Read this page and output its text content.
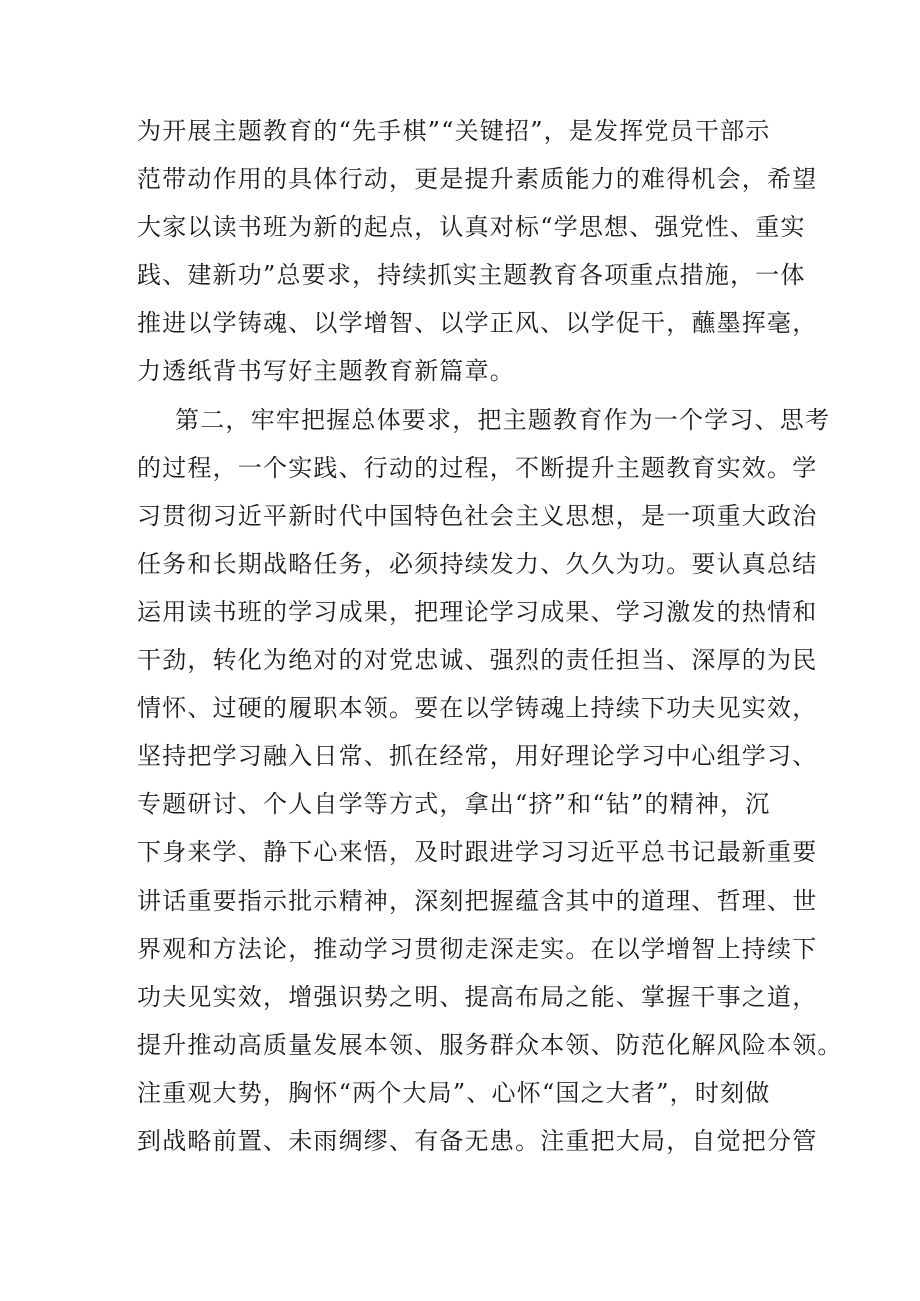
为开展主题教育的“先手棋”“关键招”，是发挥党员干部示
范带动作用的具体行动，更是提升素质能力的难得机会，希望
大家以读书班为新的起点，认真对标“学思想、强党性、重实
践、建新功”总要求，持续抓实主题教育各项重点措施，一体
推进以学铸魂、以学增智、以学正风、以学促干，蘸墨挥毫，
力透纸背书写好主题教育新篇章。
第二，牢牢把握总体要求，把主题教育作为一个学习、思考
的过程，一个实践、行动的过程，不断提升主题教育实效。学
习贯彻习近平新时代中国特色社会主义思想，是一项重大政治
任务和长期战略任务，必须持续发力、久久为功。要认真总结
运用读书班的学习成果，把理论学习成果、学习激发的热情和
干劲，转化为绝对的对党忠诚、强烈的责任担当、深厚的为民
情怀、过硬的履职本领。要在以学铸魂上持续下功夫见实效，
坚持把学习融入日常、抓在经常，用好理论学习中心组学习、
专题研讨、个人自学等方式，拿出“挤”和“钻”的精神，沉
下身来学、静下心来悟，及时跟进学习习近平总书记最新重要
讲话重要指示批示精神，深刻把握蕴含其中的道理、哲理、世
界观和方法论，推动学习贯彻走深走实。在以学增智上持续下
功夫见实效，增强识势之明、提高布局之能、掌握干事之道，
提升推动高质量发展本领、服务群众本领、防范化解风险本领。
注重观大势，胸怀“两个大局”、心怀“国之大者”，时刻做
到战略前置、未雨绸缪、有备无患。注重把大局，自觉把分管
